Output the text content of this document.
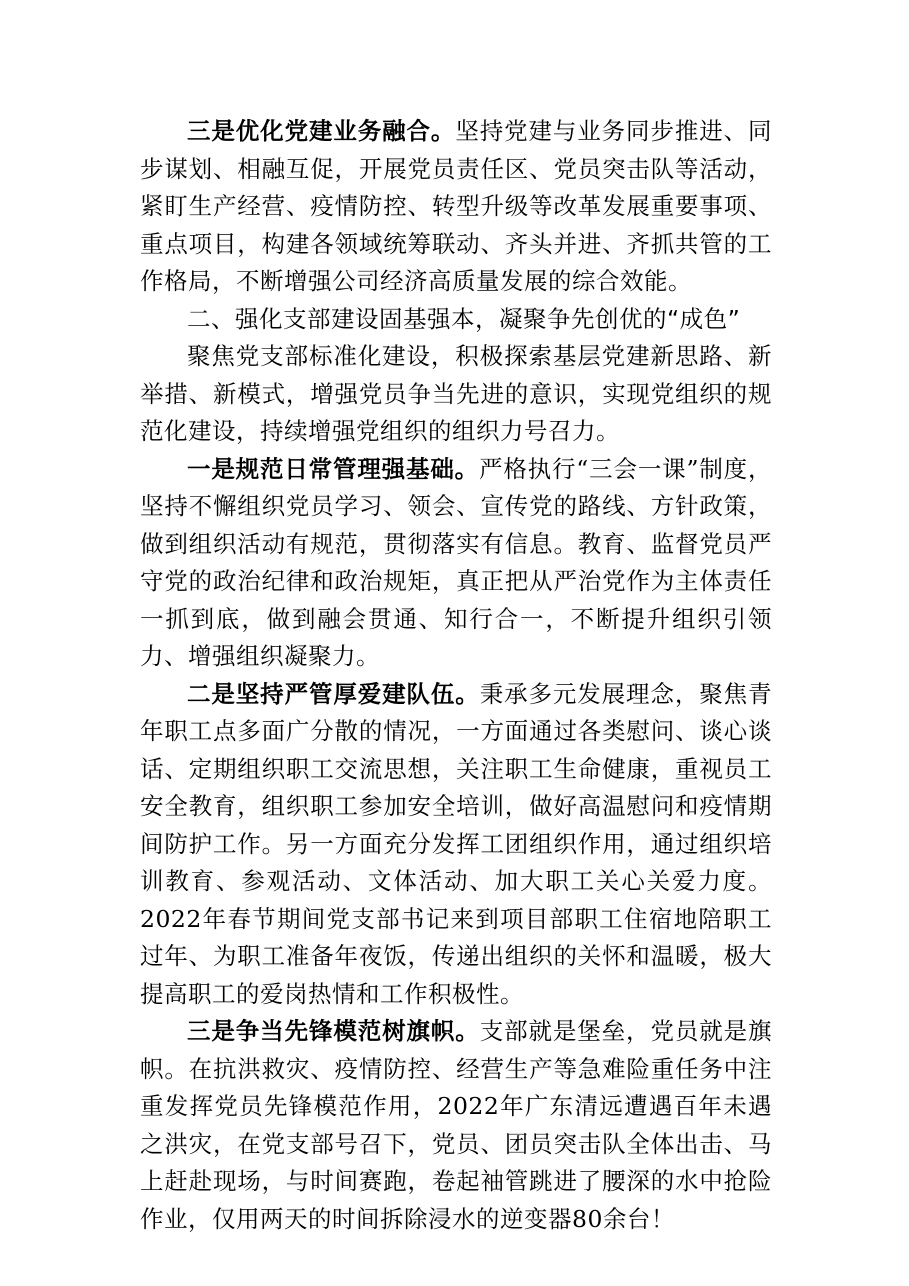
三是优化党建业务融合。坚持党建与业务同步推进、同步谋划、相融互促，开展党员责任区、党员突击队等活动，紧盯生产经营、疫情防控、转型升级等改革发展重要事项、重点项目，构建各领域统筹联动、齐头并进、齐抓共管的工作格局，不断增强公司经济高质量发展的综合效能。

二、强化支部建设固基强本，凝聚争先创优的“成色”

聚焦党支部标准化建设，积极探索基层党建新思路、新举措、新模式，增强党员争当先进的意识，实现党组织的规范化建设，持续增强党组织的组织力号召力。

一是规范日常管理强基础。严格执行“三会一课”制度，坚持不懈组织党员学习、领会、宣传党的路线、方针政策，做到组织活动有规范，贯彻落实有信息。教育、监督党员严守党的政治纪律和政治规矩，真正把从严治党作为主体责任一抓到底，做到融会贯通、知行合一，不断提升组织引领力、增强组织凝聚力。

二是坚持严管厚爱建队伍。秉承多元发展理念，聚焦青年职工点多面广分散的情况，一方面通过各类慰问、谈心谈话、定期组织职工交流思想，关注职工生命健康，重视员工安全教育，组织职工参加安全培训，做好高温慰问和疫情期间防护工作。另一方面充分发挥工团组织作用，通过组织培训教育、参观活动、文体活动、加大职工关心关爱力度。2022年春节期间党支部书记来到项目部职工住宿地陪职工过年、为职工准备年夜饭，传递出组织的关怀和温暖，极大提高职工的爱岗热情和工作积极性。

三是争当先锋模范树旗帜。支部就是堡垒，党员就是旗帜。在抗洪救灾、疫情防控、经营生产等急难险重任务中注重发挥党员先锋模范作用，2022年广东清远遭遇百年未遇之洪灾，在党支部号召下，党员、团员突击队全体出击、马上赶赴现场，与时间赛跑，卷起袖管跳进了腰深的水中抢险作业，仅用两天的时间拆除浸水的逆变器80余台！
